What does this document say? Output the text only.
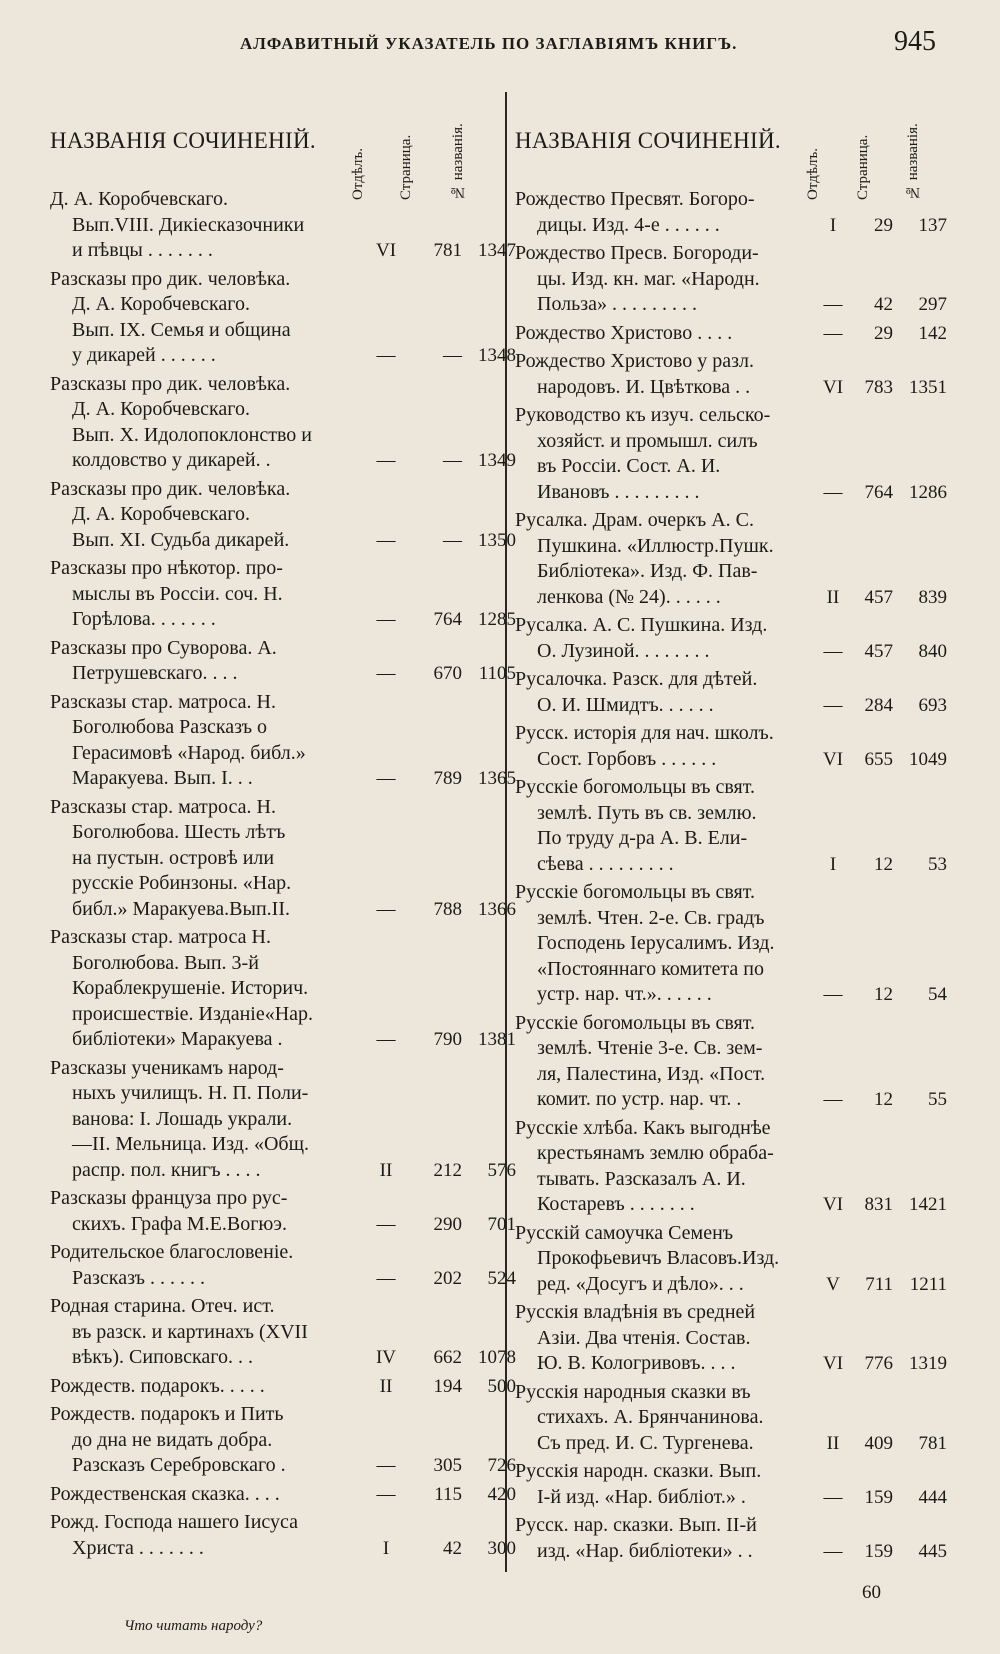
АЛФАВИТНЫЙ УКАЗАТЕЛЬ ПО ЗАГЛАВІЯМЪ КНИГЪ.	945
НАЗВАНІЯ СОЧИНЕНІЙ.
Отдѣлъ.	Страница.	№ названія.
Д. А. Коробчевскаго.
Вып.VIII. Дикіесказочники
и пѣвцы . . . . . . .	VI	781 1347
Разсказы про дик. человѣка.
Д. А. Коробчевскаго.
Вып. IX. Семья и община
у дикарей . . . . . .	—	— 1348
Разсказы про дик. человѣка.
Д. А. Коробчевскаго.
Вып. X. Идолопоклонство и
колдовство у дикарей. .	—	— 1349
Разсказы про дик. человѣка.
Д. А. Коробчевскаго.
Вып. XI. Судьба дикарей.	—	— 1350
Разсказы про нѣкотор. про-
мыслы въ Россіи. соч. Н.
Горѣлова. . . . . . .	—	764 1285
Разсказы про Суворова. А.
Петрушевскаго. . . .	—	670 1105
Разсказы стар. матроса. Н.
Боголюбова Разсказъ о
Герасимовѣ «Народ. библ.»
Маракуева. Вып. I. . .	—	789 1365
Разсказы стар. матроса. Н.
Боголюбова. Шесть лѣтъ
на пустын. островѣ или
русскіе Робинзоны. «Нар.
библ.» Маракуева.Вып.II.	—	788 1366
Разсказы стар. матроса Н.
Боголюбова. Вып. 3-й
Кораблекрушеніе. Историч.
происшествіе. Изданіе«Нар.
библіотеки» Маракуева .	—	790 1381
Разсказы ученикамъ народ-
ныхъ училищъ. Н. П. Поли-
ванова: I. Лошадь украли.
—II. Мельница. Изд. «Общ.
распр. пол. книгъ . . . .	II	212	576
Разсказы француза про рус-
скихъ. Графа М.Е.Вогюэ.	—	290	701
Родительское благословеніе.
Разсказъ . . . . . .	—	202	524
Родная старина. Отеч. ист.
въ разск. и картинахъ (XVII
вѣкъ). Сиповскаго. . .	IV	662 1078
Рождеств. подарокъ. . . . .	II	194	500
Рождеств. подарокъ и Пить
до дна не видать добра.
Разсказъ Серебровскаго .	—	305	726
Рождественская сказка. . . .	—	115	420
Рожд. Господа нашего Іисуса
Христа . . . . . . .	I	42	300
НАЗВАНІЯ СОЧИНЕНІЙ.
Отдѣлъ.	Страница.	№ названія.
Рождество Пресвят. Богоро-
дицы. Изд. 4-е . . . . . .	I	29	137
Рождество Пресв. Богороди-
цы. Изд. кн. маг. «Народн.
Польза» . . . . . . . . .	—	42	297
Рождество Христово . . . .	—	29	142
Рождество Христово у разл.
народовъ. И. Цвѣткова . .	VI	783 1351
Руководство къ изуч. сельско-
хозяйст. и промышл. силъ
въ Россіи. Сост. А. И.
Ивановъ . . . . . . . . .	—	764 1286
Русалка. Драм. очеркъ А. С.
Пушкина. «Иллюстр.Пушк.
Библіотека». Изд. Ф. Пав-
ленкова (№ 24). . . . . .	II	457	839
Русалка. А. С. Пушкина. Изд.
О. Лузиной. . . . . . . .	—	457	840
Русалочка. Разск. для дѣтей.
О. И. Шмидтъ. . . . . .	—	284	693
Русск. исторія для нач. школъ.
Сост. Горбовъ . . . . . .	VI	655 1049
Русскіе богомольцы въ свят.
землѣ. Путь въ св. землю.
По труду д-ра А. В. Ели-
сѣева . . . . . . . . .	I	12	53
Русскіе богомольцы въ свят.
землѣ. Чтен. 2-е. Св. градъ
Господень Іерусалимъ. Изд.
«Постояннаго комитета по
устр. нар. чт.». . . . . .	—	12	54
Русскіе богомольцы въ свят.
землѣ. Чтеніе 3-е. Св. зем-
ля, Палестина, Изд. «Пост.
комит. по устр. нар. чт. .	—	12	55
Русскіе хлѣба. Какъ выгоднѣе
крестьянамъ землю обраба-
тывать. Разсказалъ А. И.
Костаревъ . . . . . . .	VI	831 1421
Русскій самоучка Семенъ
Прокофьевичъ Власовъ.Изд.
ред. «Досугъ и дѣло». . .	V	711 1211
Русскія владѣнія въ средней
Азіи. Два чтенія. Состав.
Ю. В. Кологривовъ. . . .	VI	776 1319
Русскія народныя сказки въ
стихахъ. А. Брянчанинова.
Съ пред. И. С. Тургенева.	II	409	781
Русскія народн. сказки. Вып.
I-й изд. «Нар. библіот.» .	—	159	444
Русск. нар. сказки. Вып. II-й
изд. «Нар. библіотеки» . .	—	159	445
60
Что читать народу?
